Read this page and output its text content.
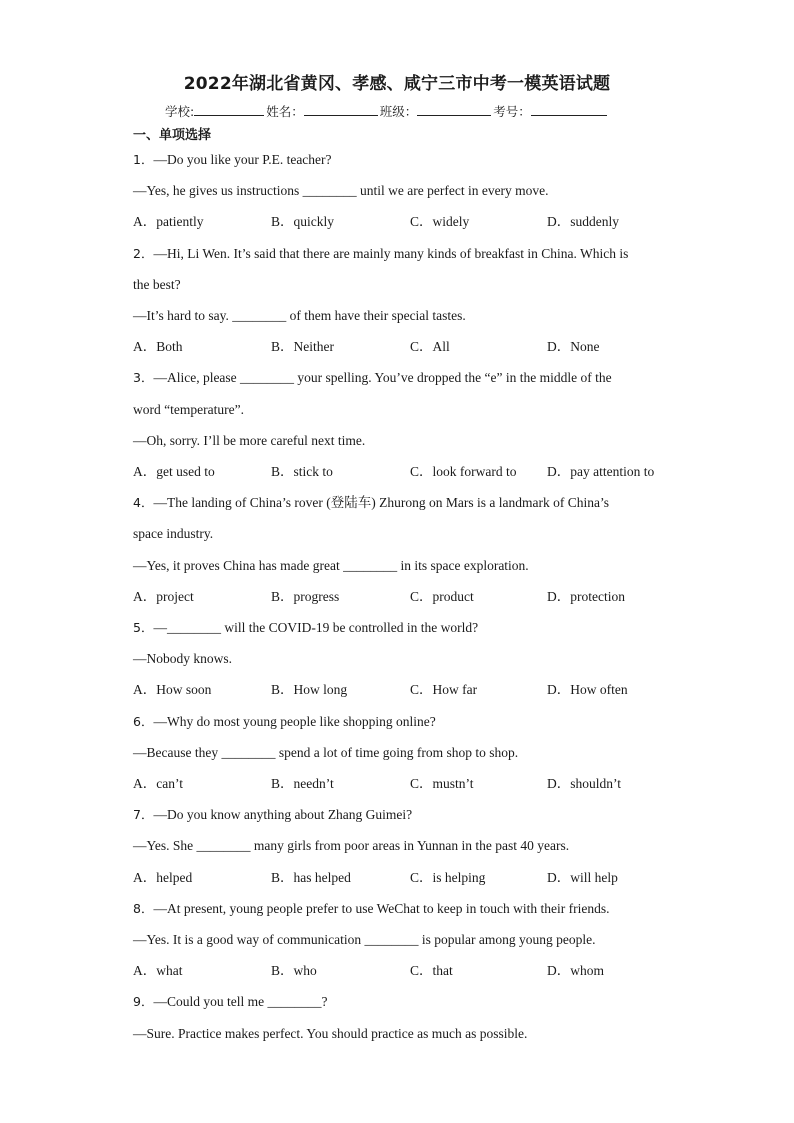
2022年湖北省黄冈、孝感、咸宁三市中考一模英语试题
学校:	姓名：	班级：	考号：
一、单项选择
1．—Do you like your P.E. teacher?
—Yes, he gives us instructions ________ until we are perfect in every move.
A．patiently	B．quickly	C．widely	D．suddenly
2．—Hi, Li Wen. It’s said that there are mainly many kinds of breakfast in China. Which is
the best?
—It’s hard to say. ________ of them have their special tastes.
A．Both	B．Neither	C．All	D．None
3．—Alice, please ________ your spelling. You’ve dropped the “e” in the middle of the
word “temperature”.
—Oh, sorry. I’ll be more careful next time.
A．get used to	B．stick to	C．look forward to D．pay attention to
4．—The landing of China’s rover (登陆车) Zhurong on Mars is a landmark of China’s
space industry.
—Yes, it proves China has made great ________ in its space exploration.
A．project	B．progress	C．product	D．protection
5．—________ will the COVID-19 be controlled in the world?
—Nobody knows.
A．How soon	B．How long	C．How far	D．How often
6．—Why do most young people like shopping online?
—Because they ________ spend a lot of time going from shop to shop.
A．can’t	B．needn’t	C．mustn’t	D．shouldn’t
7．—Do you know anything about Zhang Guimei?
—Yes. She ________ many girls from poor areas in Yunnan in the past 40 years.
A．helped	B．has helped	C．is helping	D．will help
8．—At present, young people prefer to use WeChat to keep in touch with their friends.
—Yes. It is a good way of communication ________ is popular among young people.
A．what	B．who	C．that	D．whom
9．—Could you tell me ________?
—Sure. Practice makes perfect. You should practice as much as possible.
